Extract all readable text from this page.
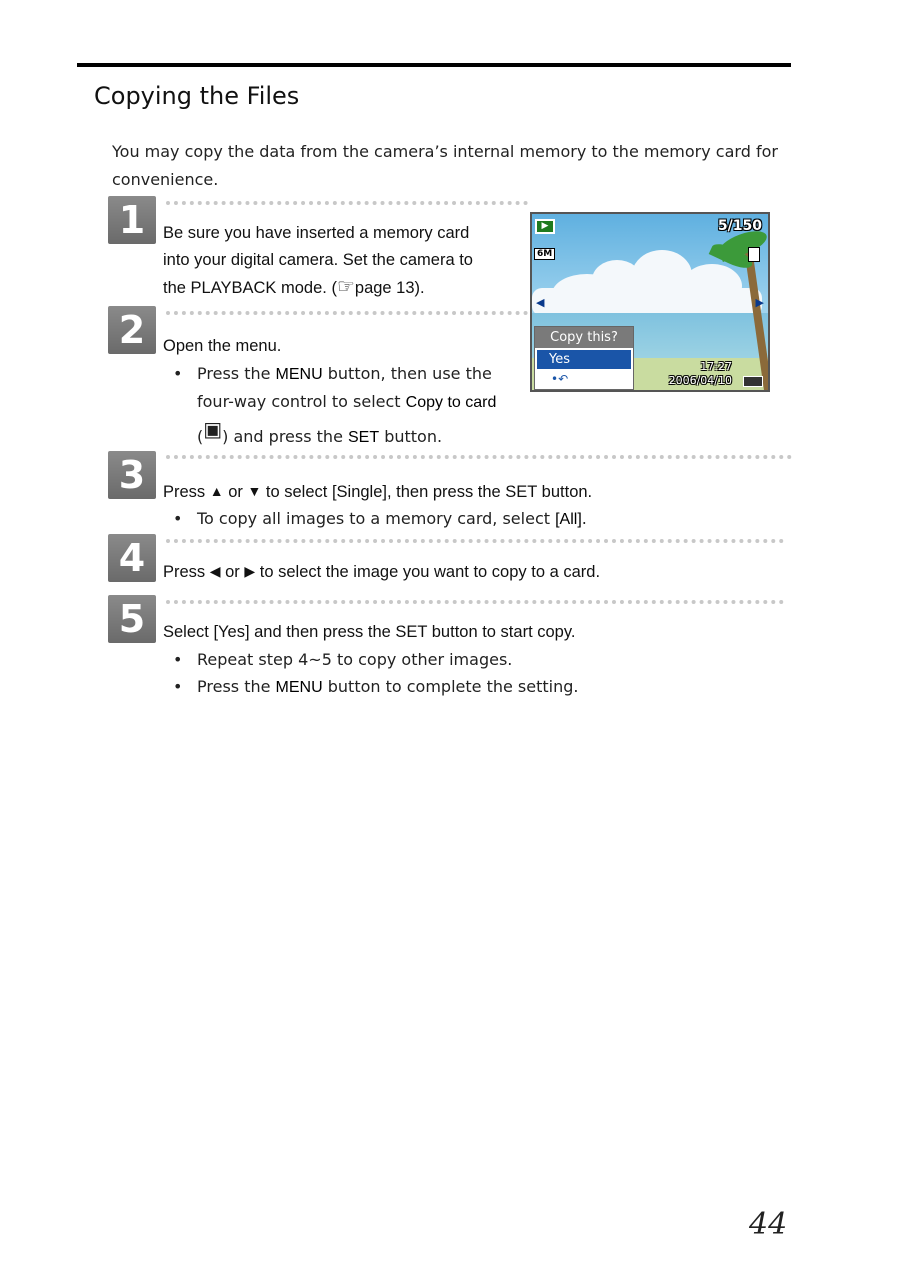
Copying the Files
You may copy the data from the camera’s internal memory to the memory card for convenience.
1	Be sure you have inserted a memory card
into your digital camera. Set the camera to
the PLAYBACK mode. (☞page 13).
2	Open the menu.
• Press the MENU button, then use the
four-way control to select Copy to card
(▣) and press the SET button.
▶	5/150
6M
◀	▶
Copy this?
Yes
•↶
17:27
2006/04/10
3	Press ▲ or ▼ to select [Single], then press the SET button.
• To copy all images to a memory card, select [All].
4	Press ◀ or ▶ to select the image you want to copy to a card.
5	Select [Yes] and then press the SET button to start copy.
• Repeat step 4~5 to copy other images.
• Press the MENU button to complete the setting.
44
